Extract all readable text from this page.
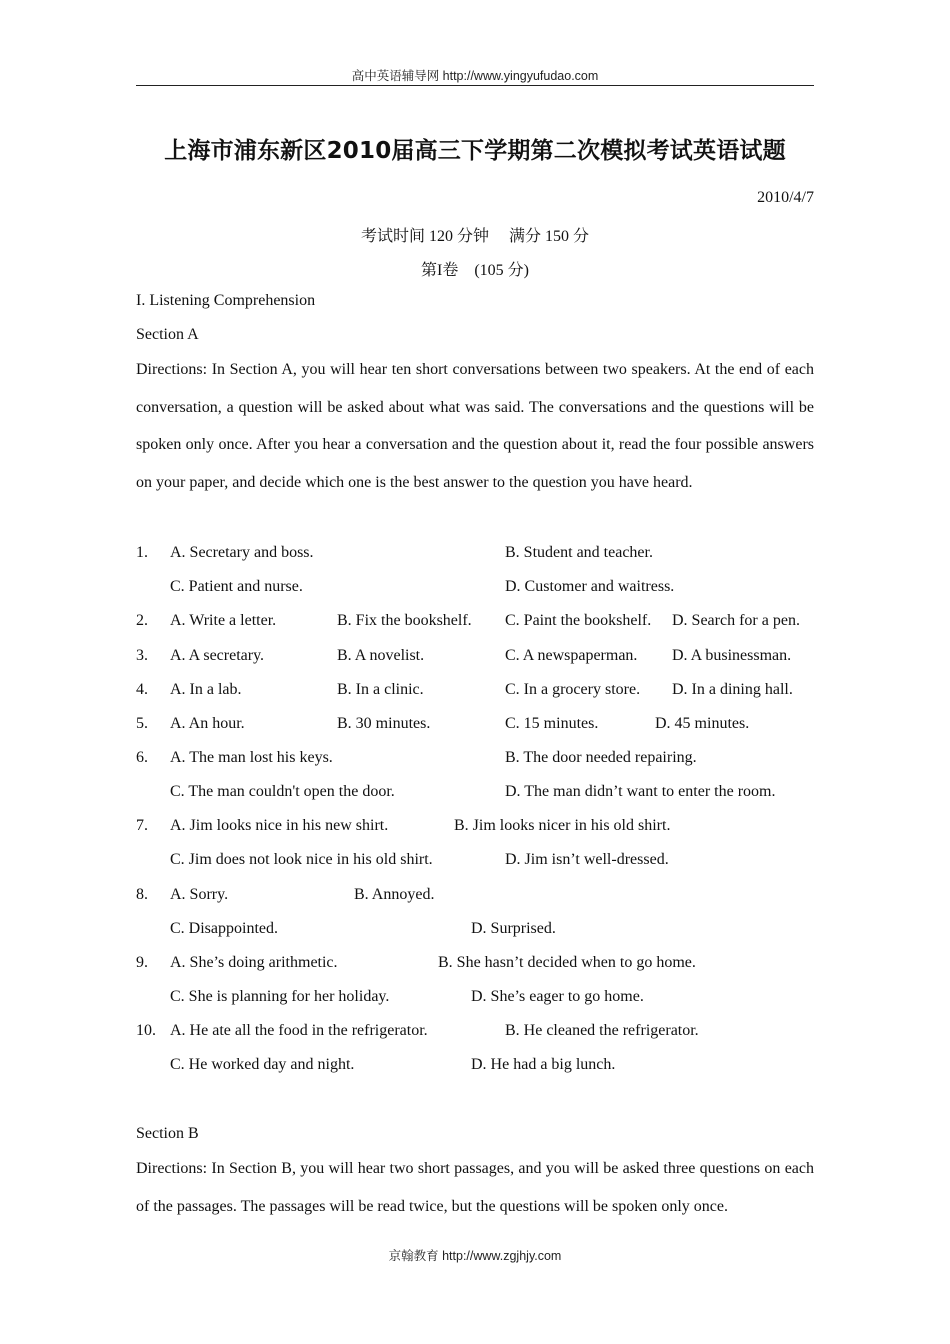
高中英语辅导网 http://www.yingyufudao.com
上海市浦东新区2010届高三下学期第二次模拟考试英语试题
2010/4/7
考试时间 120 分钟　 满分 150 分
第I卷　(105 分)
I. Listening Comprehension
Section A
Directions: In Section A, you will hear ten short conversations between two speakers. At the end of each conversation, a question will be asked about what was said. The conversations and the questions will be spoken only once. After you hear a conversation and the question about it, read the four possible answers on your paper, and decide which one is the best answer to the question you have heard.
1. A. Secretary and boss.	B. Student and teacher.
C. Patient and nurse.	D. Customer and waitress.
2. A. Write a letter.	B. Fix the bookshelf. C. Paint the bookshelf. D. Search for a pen.
3. A. A secretary.	B. A novelist.	C. A newspaperman. D. A businessman.
4. A. In a lab.	B. In a clinic.	C. In a grocery store. D. In a dining hall.
5. A. An hour.	B. 30 minutes.	C. 15 minutes.	D. 45 minutes.
6. A. The man lost his keys.	B. The door needed repairing.
C. The man couldn't open the door.	D. The man didn’t want to enter the room.
7. A. Jim looks nice in his new shirt.	B. Jim looks nicer in his old shirt.
C. Jim does not look nice in his old shirt.	D. Jim isn’t well-dressed.
8. A. Sorry.	B. Annoyed.
C. Disappointed.	D. Surprised.
9. A. She’s doing arithmetic.	B. She hasn’t decided when to go home.
C. She is planning for her holiday.	D. She’s eager to go home.
10. A. He ate all the food in the refrigerator.	B. He cleaned the refrigerator.
C. He worked day and night.	D. He had a big lunch.
Section B
Directions: In Section B, you will hear two short passages, and you will be asked three questions on each of the passages. The passages will be read twice, but the questions will be spoken only once.
京翰教育 http://www.zgjhjy.com
